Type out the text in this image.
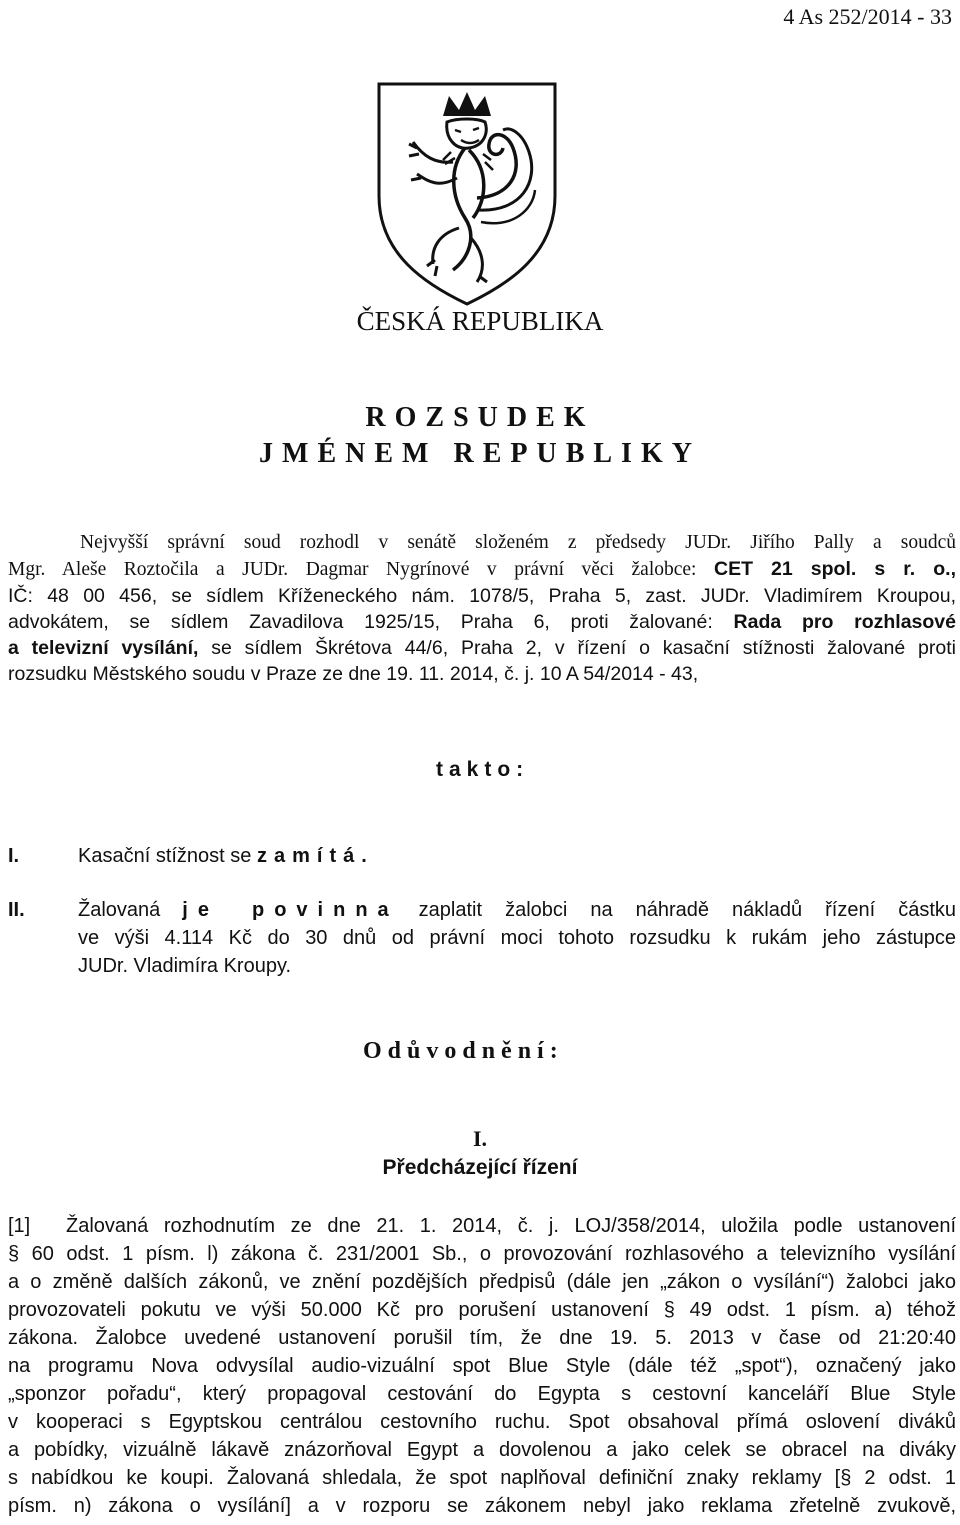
4 As 252/2014 - 33
ČESKÁ REPUBLIKA
ROZSUDEK
JMÉNEM REPUBLIKY
Nejvyšší správní soud rozhodl v senátě složeném z předsedy JUDr. Jiřího Pally a soudců
Mgr. Aleše Roztočila a JUDr. Dagmar Nygrínové v právní věci žalobce: CET 21 spol. s r. o.,
IČ: 48 00 456, se sídlem Kříženeckého nám. 1078/5, Praha 5, zast. JUDr. Vladimírem Kroupou,
advokátem, se sídlem Zavadilova 1925/15, Praha 6, proti žalované: Rada pro rozhlasové
a televizní vysílání, se sídlem Škrétova 44/6, Praha 2, v řízení o kasační stížnosti žalované proti
rozsudku Městského soudu v Praze ze dne 19. 11. 2014, č. j. 10 A 54/2014 - 43,
takto:
I.	Kasační stížnost se zamítá.
II.	Žalovaná je povinna zaplatit žalobci na náhradě nákladů řízení částku
ve výši 4.114 Kč do 30 dnů od právní moci tohoto rozsudku k rukám jeho zástupce
JUDr. Vladimíra Kroupy.
Odůvodnění:
I.
Předcházející řízení
[1] Žalovaná rozhodnutím ze dne 21. 1. 2014, č. j. LOJ/358/2014, uložila podle ustanovení
§ 60 odst. 1 písm. l) zákona č. 231/2001 Sb., o provozování rozhlasového a televizního vysílání
a o změně dalších zákonů, ve znění pozdějších předpisů (dále jen „zákon o vysílání“) žalobci jako
provozovateli pokutu ve výši 50.000 Kč pro porušení ustanovení § 49 odst. 1 písm. a) téhož
zákona. Žalobce uvedené ustanovení porušil tím, že dne 19. 5. 2013 v čase od 21:20:40
na programu Nova odvysílal audio-vizuální spot Blue Style (dále též „spot“), označený jako
„sponzor pořadu“, který propagoval cestování do Egypta s cestovní kanceláří Blue Style
v kooperaci s Egyptskou centrálou cestovního ruchu. Spot obsahoval přímá oslovení diváků
a pobídky, vizuálně lákavě znázorňoval Egypt a dovolenou a jako celek se obracel na diváky
s nabídkou ke koupi. Žalovaná shledala, že spot naplňoval definiční znaky reklamy [§ 2 odst. 1
písm. n) zákona o vysílání] a v rozporu se zákonem nebyl jako reklama zřetelně zvukově,
